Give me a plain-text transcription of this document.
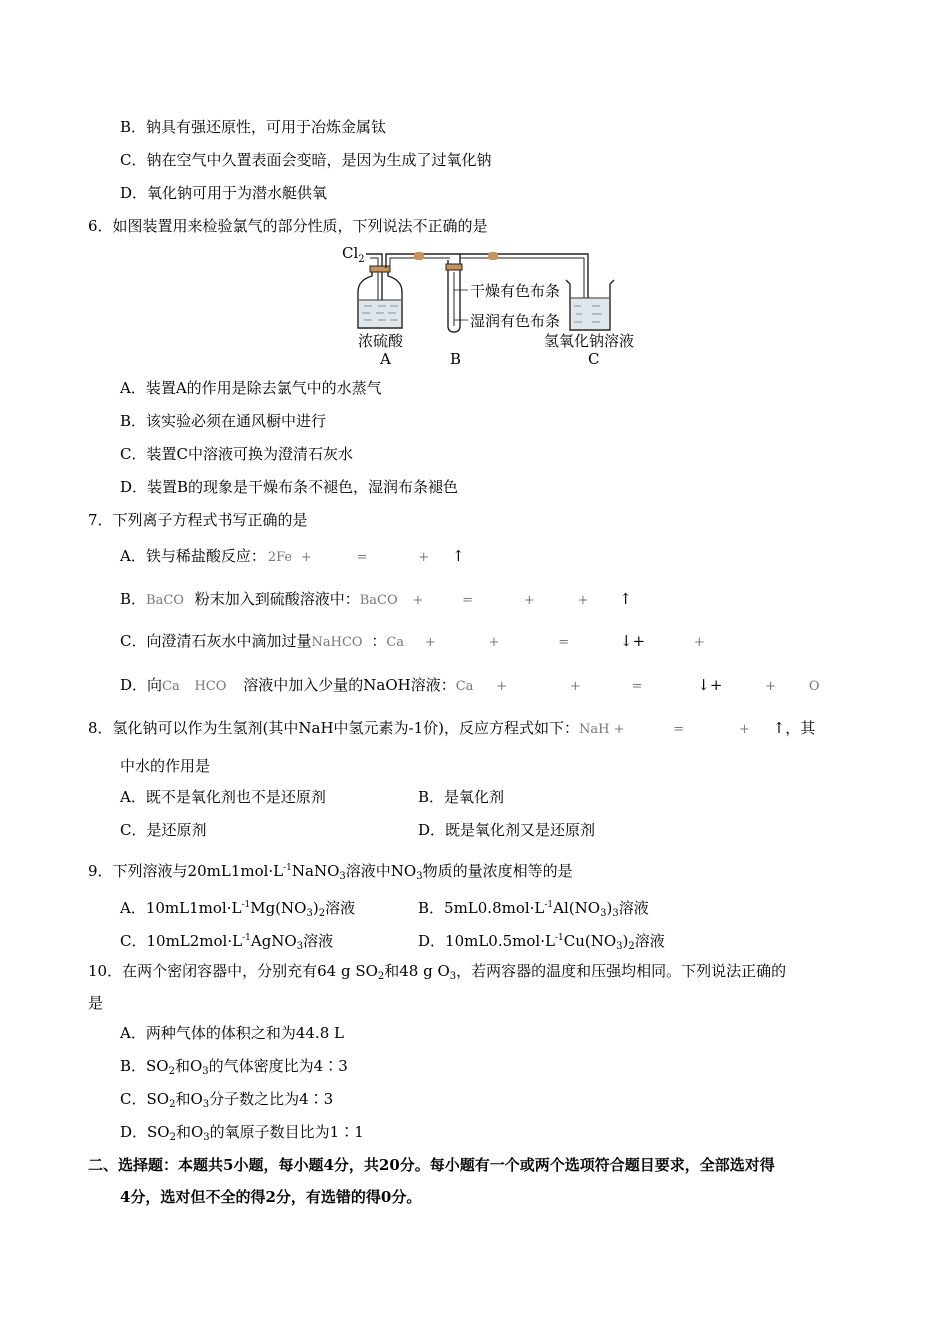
B．钠具有强还原性，可用于冶炼金属钛
C．钠在空气中久置表面会变暗，是因为生成了过氧化钠
D．氧化钠可用于为潜水艇供氧
6．如图装置用来检验氯气的部分性质，下列说法不正确的是
$Cl_2$
干燥有色布条
湿润有色布条
浓硫酸
A	B
氢氧化钠溶液
C
A．装置A的作用是除去氯气中的水蒸气
B．该实验必须在通风橱中进行
C．装置C中溶液可换为澄清石灰水
D．装置B的现象是干燥布条不褪色，湿润布条褪色
7．下列离子方程式书写正确的是
A．铁与稀盐酸反应： 2Fe +	=	+ ↑
B．BaCO 粉末加入到硫酸溶液中：BaCO +	=	+	+ ↑
C．向澄清石灰水中滴加过量NaHCO ：Ca +	+	=	↓+	+
D．向Ca HCO 溶液中加入少量的NaOH溶液：Ca +	+	=	↓+	+	O
8．氢化钠可以作为生氢剂(其中NaH中氢元素为-1价)，反应方程式如下：NaH +	=	+ ↑，其
中水的作用是
A．既不是氧化剂也不是还原剂	B．是氧化剂
C．是还原剂	D．既是氧化剂又是还原剂
9．下列溶液与$20mL1mol\cdot L^{-1}NaNO_3$溶液中$NO_3$物质的量浓度相等的是
A．$10mL1mol\cdot L^{-1}Mg(NO_3)_2$溶液	B．$5mL0.8mol\cdot L^{-1}Al(NO_3)_3$溶液
C．$10mL2mol\cdot L^{-1}AgNO_3$溶液	D．$10mL0.5mol\cdot L^{-1}Cu(NO_3)_2$溶液
10．在两个密闭容器中，分别充有64 g $SO_2$和48 g $O_3$，若两容器的温度和压强均相同。下列说法正确的
是
A．两种气体的体积之和为44.8 L
B．$SO_2$和$O_3$的气体密度比为4∶3
C．$SO_2$和$O_3$分子数之比为4∶3
D．$SO_2$和$O_3$的氧原子数目比为1∶1
二、选择题：本题共5小题，每小题4分，共20分。每小题有一个或两个选项符合题目要求，全部选对得
4分，选对但不全的得2分，有选错的得0分。
